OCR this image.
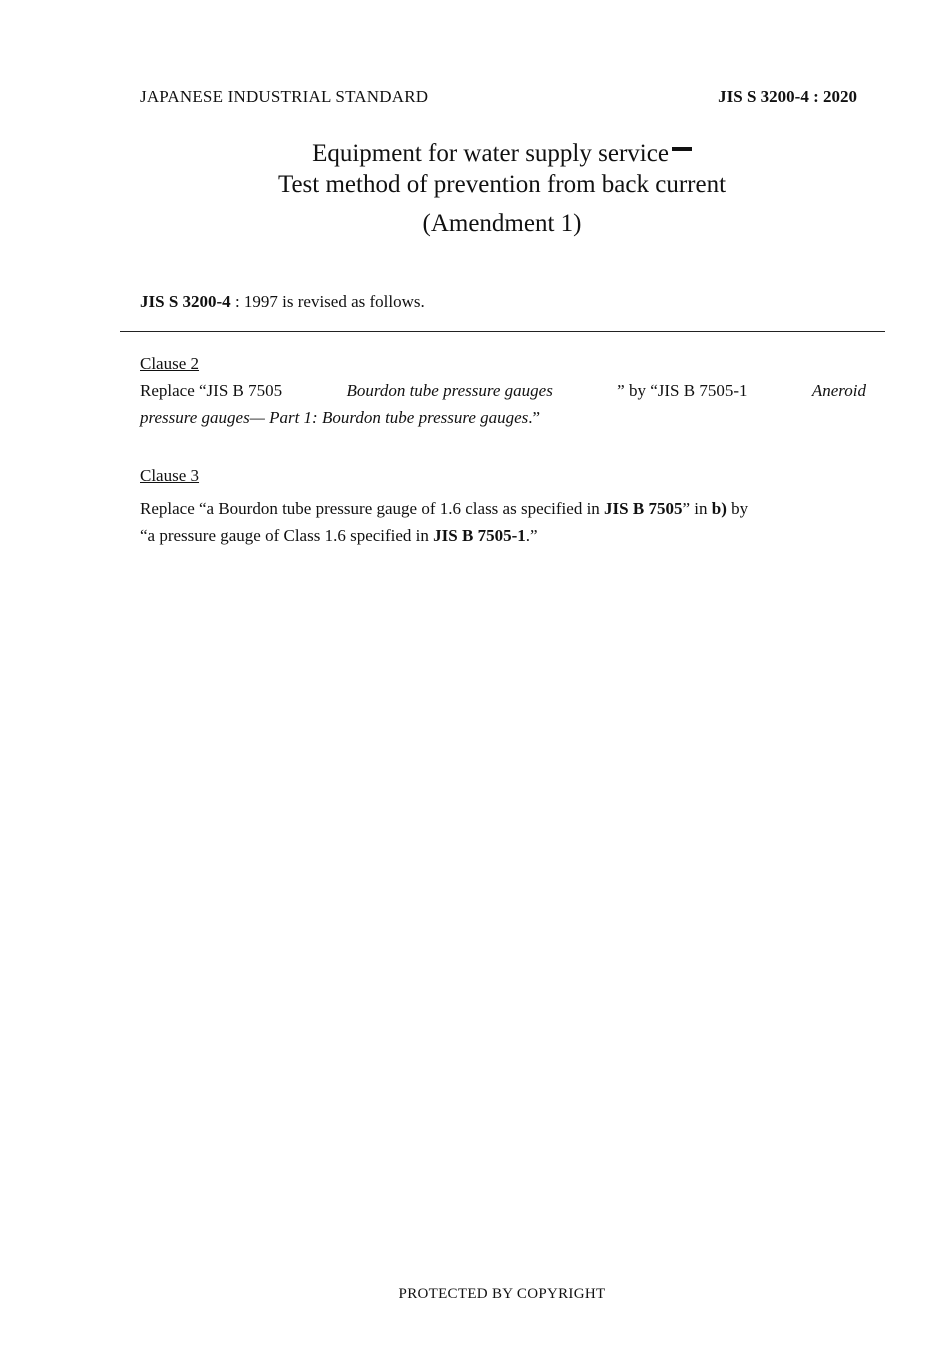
JAPANESE INDUSTRIAL STANDARD	JIS S 3200-4 : 2020
Equipment for water supply service
Test method of prevention from back current
(Amendment 1)
JIS S 3200-4 : 1997 is revised as follows.
Clause 2
Replace “JIS B 7505	Bourdon tube pressure gauges	” by “JIS B 7505-1	Aneroid
pressure gauges— Part 1: Bourdon tube pressure gauges.”
Clause 3
Replace “a Bourdon tube pressure gauge of 1.6 class as specified in JIS B 7505” in b) by
“a pressure gauge of Class 1.6 specified in JIS B 7505-1.”
PROTECTED BY COPYRIGHT
